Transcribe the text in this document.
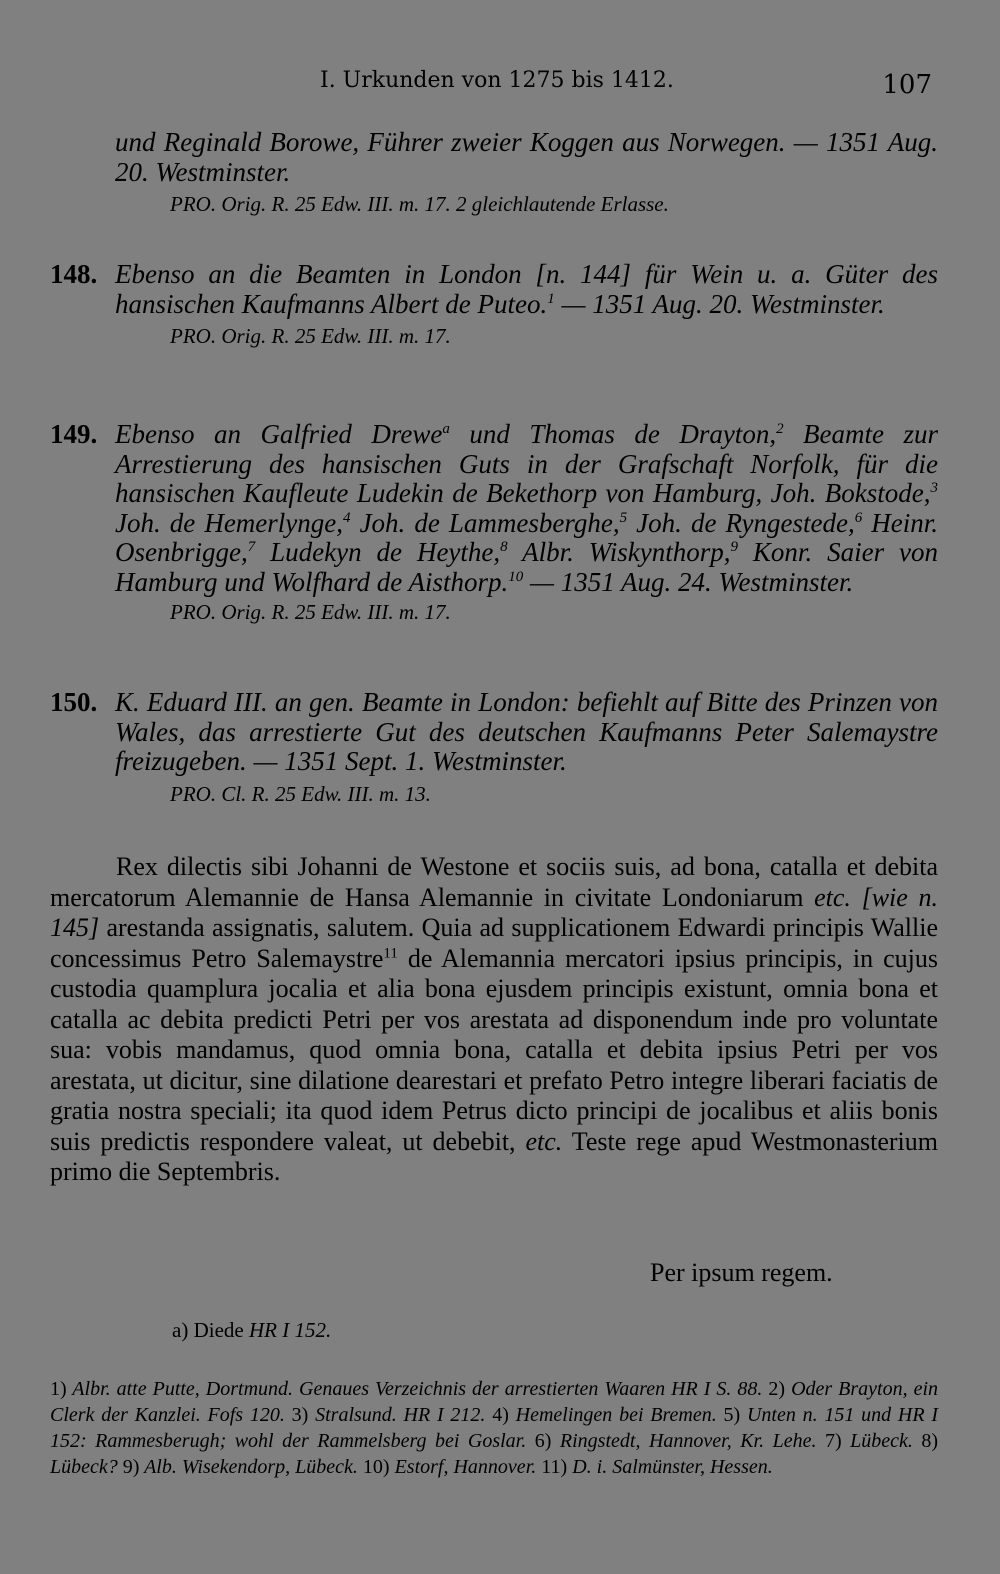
I. Urkunden von 1275 bis 1412.	107
und Reginald Borowe, Führer zweier Koggen aus Norwegen. — 1351 Aug. 20. Westminster.
PRO. Orig. R. 25 Edw. III. m. 17. 2 gleichlautende Erlasse.
148. Ebenso an die Beamten in London [n. 144] für Wein u. a. Güter des hansischen Kaufmanns Albert de Puteo.$^1$ — 1351 Aug. 20. Westminster.
PRO. Orig. R. 25 Edw. III. m. 17.
149. Ebenso an Galfried Drewe$^a$ und Thomas de Drayton,$^2$ Beamte zur Arrestierung des hansischen Guts in der Grafschaft Norfolk, für die hansischen Kaufleute Ludekin de Bekethorp von Hamburg, Joh. Bokstode,$^3$ Joh. de Hemerlynge,$^4$ Joh. de Lammesberghe,$^5$ Joh. de Ryngestede,$^6$ Heinr. Osenbrigge,$^7$ Ludekyn de Heythe,$^8$ Albr. Wiskynthorp,$^9$ Konr. Saier von Hamburg und Wolfhard de Aisthorp.$^{10}$ — 1351 Aug. 24. Westminster.
PRO. Orig. R. 25 Edw. III. m. 17.
150. K. Eduard III. an gen. Beamte in London: befiehlt auf Bitte des Prinzen von Wales, das arrestierte Gut des deutschen Kaufmanns Peter Salemaystre freizugeben. — 1351 Sept. 1. Westminster.
PRO. Cl. R. 25 Edw. III. m. 13.

Rex dilectis sibi Johanni de Westone et sociis suis, ad bona, catalla et debita mercatorum Alemannie de Hansa Alemannie in civitate Londoniarum etc. [wie n. 145] arestanda assignatis, salutem. Quia ad supplicationem Edwardi principis Wallie concessimus Petro Salemaystre$^{11}$ de Alemannia mercatori ipsius principis, in cujus custodia quamplura jocalia et alia bona ejusdem principis existunt, omnia bona et catalla ac debita predicti Petri per vos arestata ad disponendum inde pro voluntate sua: vobis mandamus, quod omnia bona, catalla et debita ipsius Petri per vos arestata, ut dicitur, sine dilatione dearestari et prefato Petro integre liberari faciatis de gratia nostra speciali; ita quod idem Petrus dicto principi de jocalibus et aliis bonis suis predictis respondere valeat, ut debebit, etc. Teste rege apud Westmonasterium primo die Septembris.

Per ipsum regem.
a) Diede HR I 152.
1) Albr. atte Putte, Dortmund. Genaues Verzeichnis der arrestierten Waaren HR I S. 88. 2) Oder Brayton, ein Clerk der Kanzlei. Fofs 120. 3) Stralsund. HR I 212. 4) Hemelingen bei Bremen. 5) Unten n. 151 und HR I 152: Rammesberugh; wohl der Rammelsberg bei Goslar. 6) Ringstedt, Hannover, Kr. Lehe. 7) Lübeck. 8) Lübeck? 9) Alb. Wisekendorp, Lübeck. 10) Estorf, Hannover. 11) D. i. Salmünster, Hessen.
